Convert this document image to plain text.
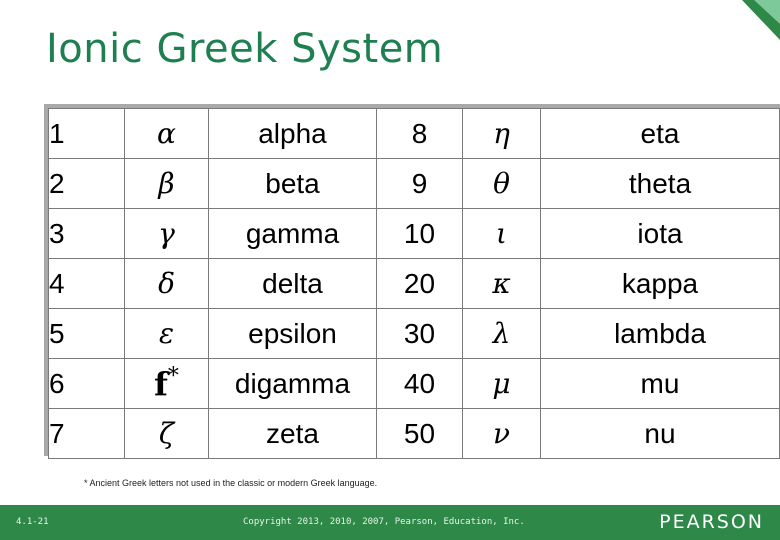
Ionic Greek System
1	α	alpha	8	η	eta
2	β	beta	9	θ	theta
3	γ	gamma	10	ι	iota
4	δ	delta	20	κ	kappa
5	ε	epsilon	30	λ	lambda
6	f*	digamma	40	μ	mu
7	ζ	zeta	50	ν	nu
* Ancient Greek letters not used in the classic or modern Greek language.
4.1-21	Copyright 2013, 2010, 2007, Pearson, Education, Inc.	PEARSON
